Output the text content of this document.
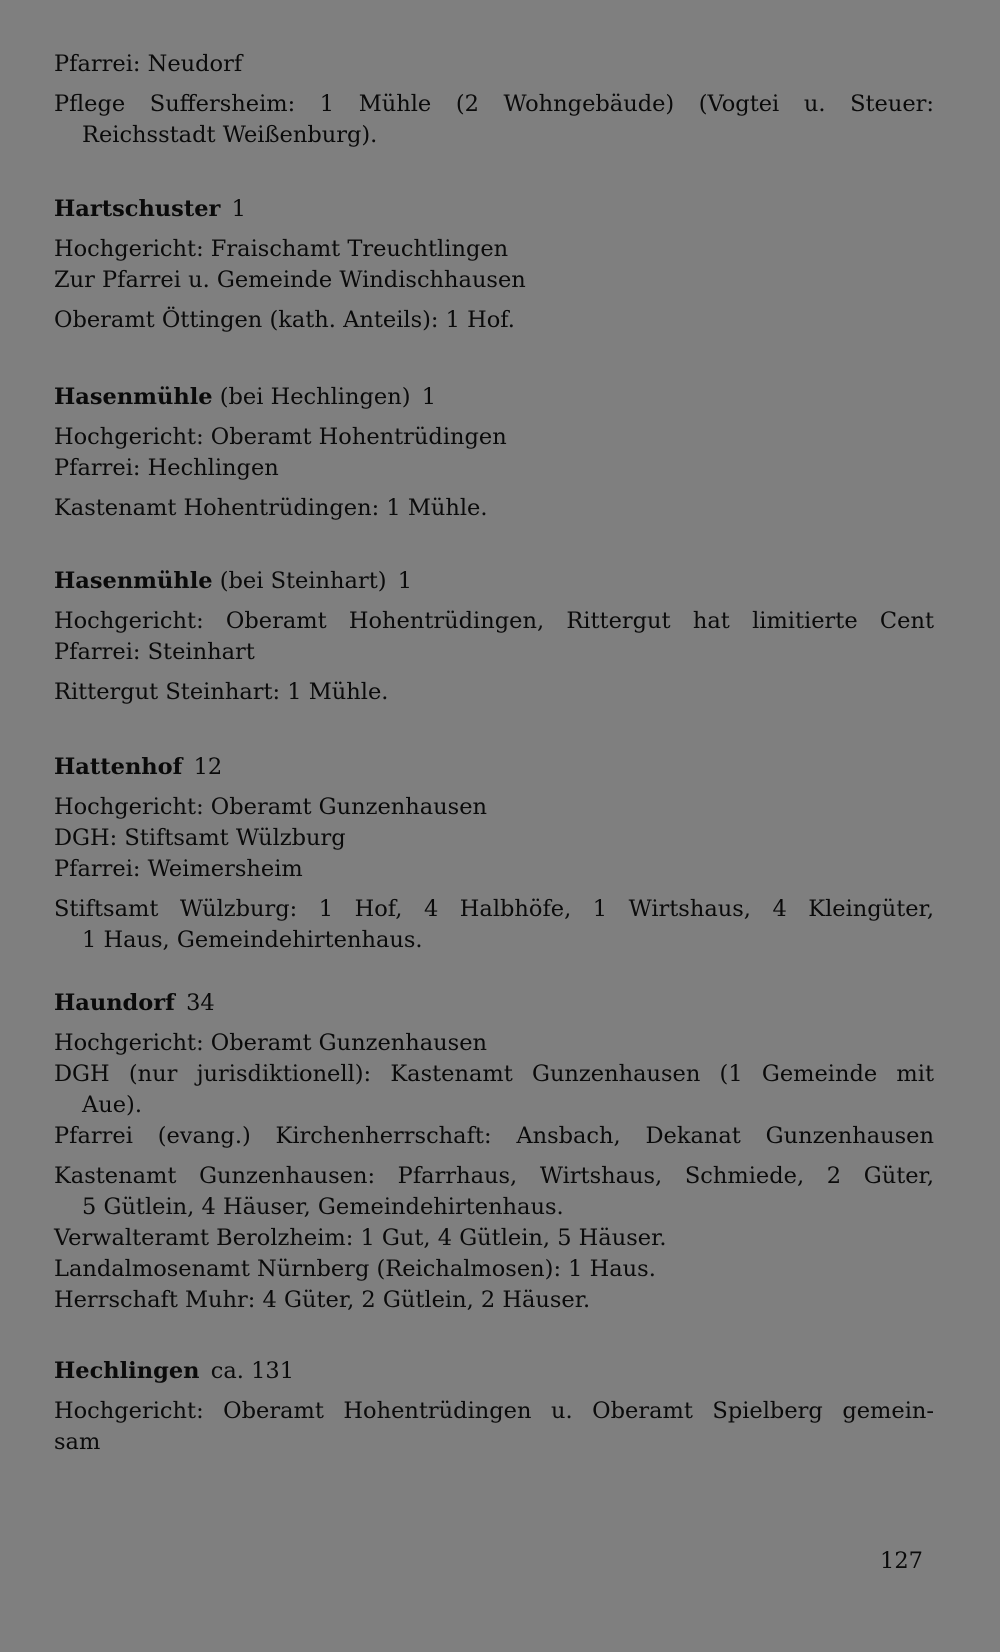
Pfarrei: Neudorf
Pflege Suffersheim: 1 Mühle (2 Wohngebäude) (Vogtei u. Steuer:
Reichsstadt Weißenburg).
Hartschuster  1
Hochgericht: Fraischamt Treuchtlingen
Zur Pfarrei u. Gemeinde Windischhausen
Oberamt Öttingen (kath. Anteils): 1 Hof.
Hasenmühle (bei Hechlingen)  1
Hochgericht: Oberamt Hohentrüdingen
Pfarrei: Hechlingen
Kastenamt Hohentrüdingen: 1 Mühle.
Hasenmühle (bei Steinhart)  1
Hochgericht: Oberamt Hohentrüdingen, Rittergut hat limitierte Cent
Pfarrei: Steinhart
Rittergut Steinhart: 1 Mühle.
Hattenhof  12
Hochgericht: Oberamt Gunzenhausen
DGH: Stiftsamt Wülzburg
Pfarrei: Weimersheim
Stiftsamt Wülzburg: 1 Hof, 4 Halbhöfe, 1 Wirtshaus, 4 Kleingüter,
1 Haus, Gemeindehirtenhaus.
Haundorf  34
Hochgericht: Oberamt Gunzenhausen
DGH (nur jurisdiktionell): Kastenamt Gunzenhausen (1 Gemeinde mit
Aue).
Pfarrei (evang.) Kirchenherrschaft: Ansbach, Dekanat Gunzenhausen
Kastenamt Gunzenhausen: Pfarrhaus, Wirtshaus, Schmiede, 2 Güter,
5 Gütlein, 4 Häuser, Gemeindehirtenhaus.
Verwalteramt Berolzheim: 1 Gut, 4 Gütlein, 5 Häuser.
Landalmosenamt Nürnberg (Reichalmosen): 1 Haus.
Herrschaft Muhr: 4 Güter, 2 Gütlein, 2 Häuser.
Hechlingen  ca. 131
Hochgericht: Oberamt Hohentrüdingen u. Oberamt Spielberg gemein-
sam
127
